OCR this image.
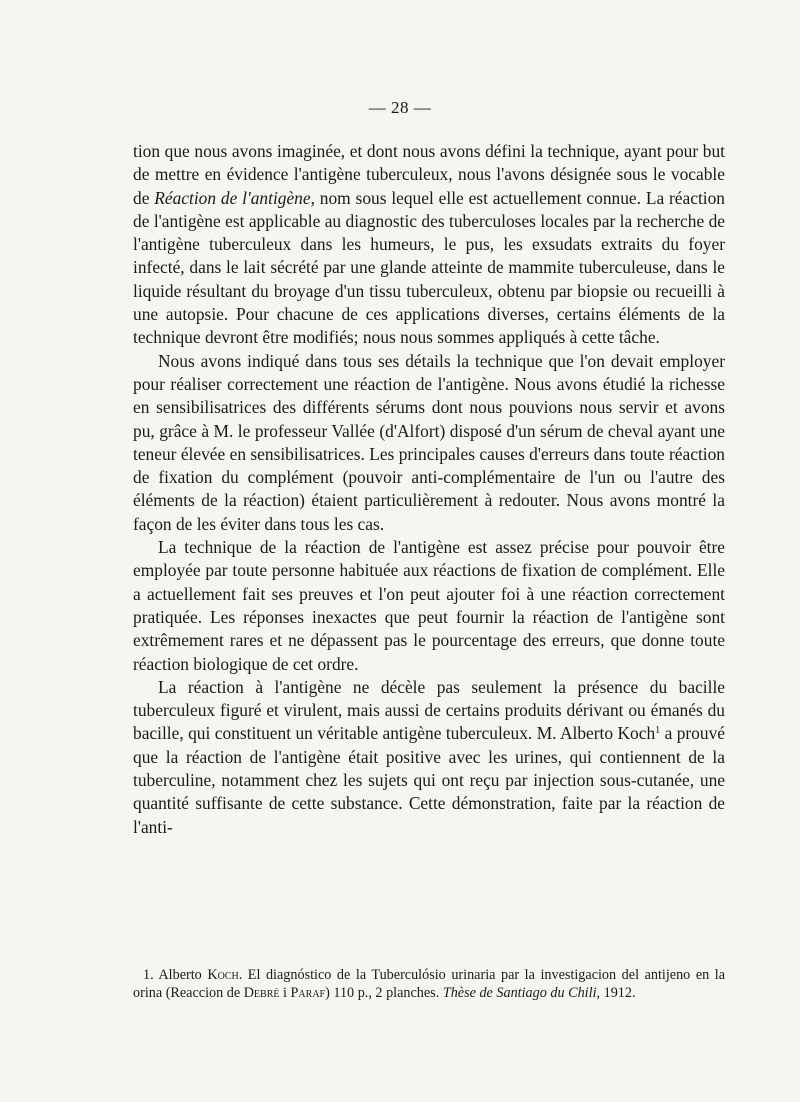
— 28 —

tion que nous avons imaginée, et dont nous avons défini la technique, ayant pour but de mettre en évidence l'antigène tuberculeux, nous l'avons désignée sous le vocable de Réaction de l'antigène, nom sous lequel elle est actuellement connue. La réaction de l'antigène est applicable au diagnostic des tuberculoses locales par la recherche de l'antigène tuberculeux dans les humeurs, le pus, les exsudats extraits du foyer infecté, dans le lait sécrété par une glande atteinte de mammite tuberculeuse, dans le liquide résultant du broyage d'un tissu tuberculeux, obtenu par biopsie ou recueilli à une autopsie. Pour chacune de ces applications diverses, certains éléments de la technique devront être modifiés; nous nous sommes appliqués à cette tâche.

Nous avons indiqué dans tous ses détails la technique que l'on devait employer pour réaliser correctement une réaction de l'antigène. Nous avons étudié la richesse en sensibilisatrices des différents sérums dont nous pouvions nous servir et avons pu, grâce à M. le professeur Vallée (d'Alfort) disposé d'un sérum de cheval ayant une teneur élevée en sensibilisatrices. Les principales causes d'erreurs dans toute réaction de fixation du complément (pouvoir anti-complémentaire de l'un ou l'autre des éléments de la réaction) étaient particulièrement à redouter. Nous avons montré la façon de les éviter dans tous les cas.

La technique de la réaction de l'antigène est assez précise pour pouvoir être employée par toute personne habituée aux réactions de fixation de complément. Elle a actuellement fait ses preuves et l'on peut ajouter foi à une réaction correctement pratiquée. Les réponses inexactes que peut fournir la réaction de l'antigène sont extrêmement rares et ne dépassent pas le pourcentage des erreurs, que donne toute réaction biologique de cet ordre.

La réaction à l'antigène ne décèle pas seulement la présence du bacille tuberculeux figuré et virulent, mais aussi de certains produits dérivant ou émanés du bacille, qui constituent un véritable antigène tuberculeux. M. Alberto Koch$^1$ a prouvé que la réaction de l'antigène était positive avec les urines, qui contiennent de la tuberculine, notamment chez les sujets qui ont reçu par injection sous-cutanée, une quantité suffisante de cette substance. Cette démonstration, faite par la réaction de l'anti-

1. Alberto Koch. El diagnóstico de la Tuberculósio urinaria par la investigacion del antijeno en la orina (Reaccion de Debré i Paraf) 110 p., 2 planches. Thèse de Santiago du Chili, 1912.
